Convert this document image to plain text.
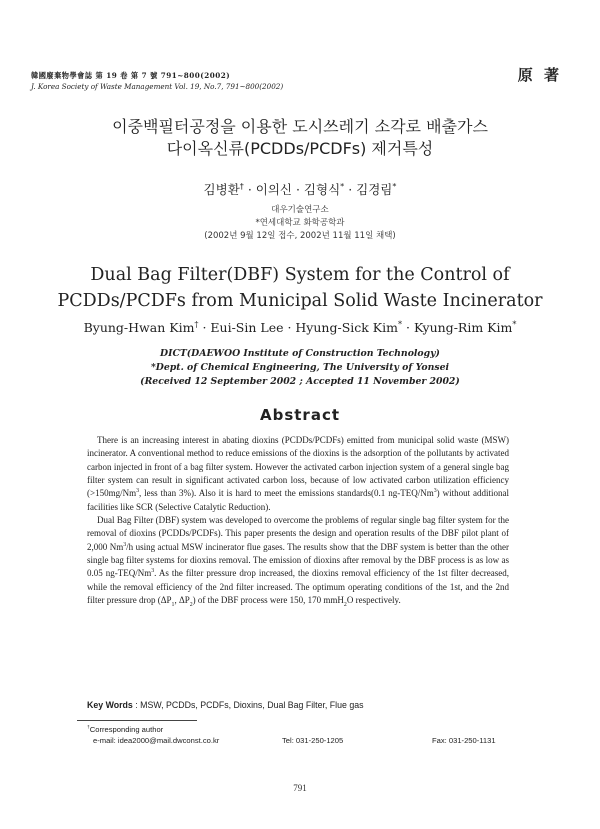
韓國廢棄物學會誌 第 19 卷 第 7 號 791~800(2002)
J. Korea Society of Waste Management Vol. 19, No.7, 791~800(2002)
原 著
이중백필터공정을 이용한 도시쓰레기 소각로 배출가스
다이옥신류(PCDDs/PCDFs) 제거특성
김병환† · 이의신 · 김형식* · 김경림*
대우기술연구소
*연세대학교 화학공학과
(2002년 9월 12일 접수, 2002년 11월 11일 채택)
Dual Bag Filter(DBF) System for the Control of
PCDDs/PCDFs from Municipal Solid Waste Incinerator
Byung-Hwan Kim† · Eui-Sin Lee · Hyung-Sick Kim* · Kyung-Rim Kim*
DICT(DAEWOO Institute of Construction Technology)
*Dept. of Chemical Engineering, The University of Yonsei
(Received 12 September 2002 ; Accepted 11 November 2002)
Abstract

There is an increasing interest in abating dioxins (PCDDs/PCDFs) emitted from municipal solid waste (MSW) incinerator. A conventional method to reduce emissions of the dioxins is the adsorption of the pollutants by activated carbon injected in front of a bag filter system. However the activated carbon injection system of a general single bag filter system can result in significant activated carbon loss, because of low activated carbon utilization efficiency ($>150mg/Nm^3$, less than 3%). Also it is hard to meet the emissions standards(0.1 ng-TEQ/Nm$^3$) without additional facilities like SCR (Selective Catalytic Reduction).

Dual Bag Filter (DBF) system was developed to overcome the problems of regular single bag filter system for the removal of dioxins (PCDDs/PCDFs). This paper presents the design and operation results of the DBF pilot plant of 2,000 Nm$^3$/h using actual MSW incinerator flue gases. The results show that the DBF system is better than the other single bag filter systems for dioxins removal. The emission of dioxins after removal by the DBF process is as low as 0.05 ng-TEQ/Nm$^3$. As the filter pressure drop increased, the dioxins removal efficiency of the 1st filter decreased, while the removal efficiency of the 2nd filter increased. The optimum operating conditions of the 1st, and the 2nd filter pressure drop ($\Delta P_1$, $\Delta P_2$) of the DBF process were 150, 170 mmH$_2$O respectively.

Key Words : MSW, PCDDs, PCDFs, Dioxins, Dual Bag Filter, Flue gas
†Corresponding author
e-mail: idea2000@mail.dwconst.co.kr	Tel: 031-250-1205	Fax: 031-250-1131
791
